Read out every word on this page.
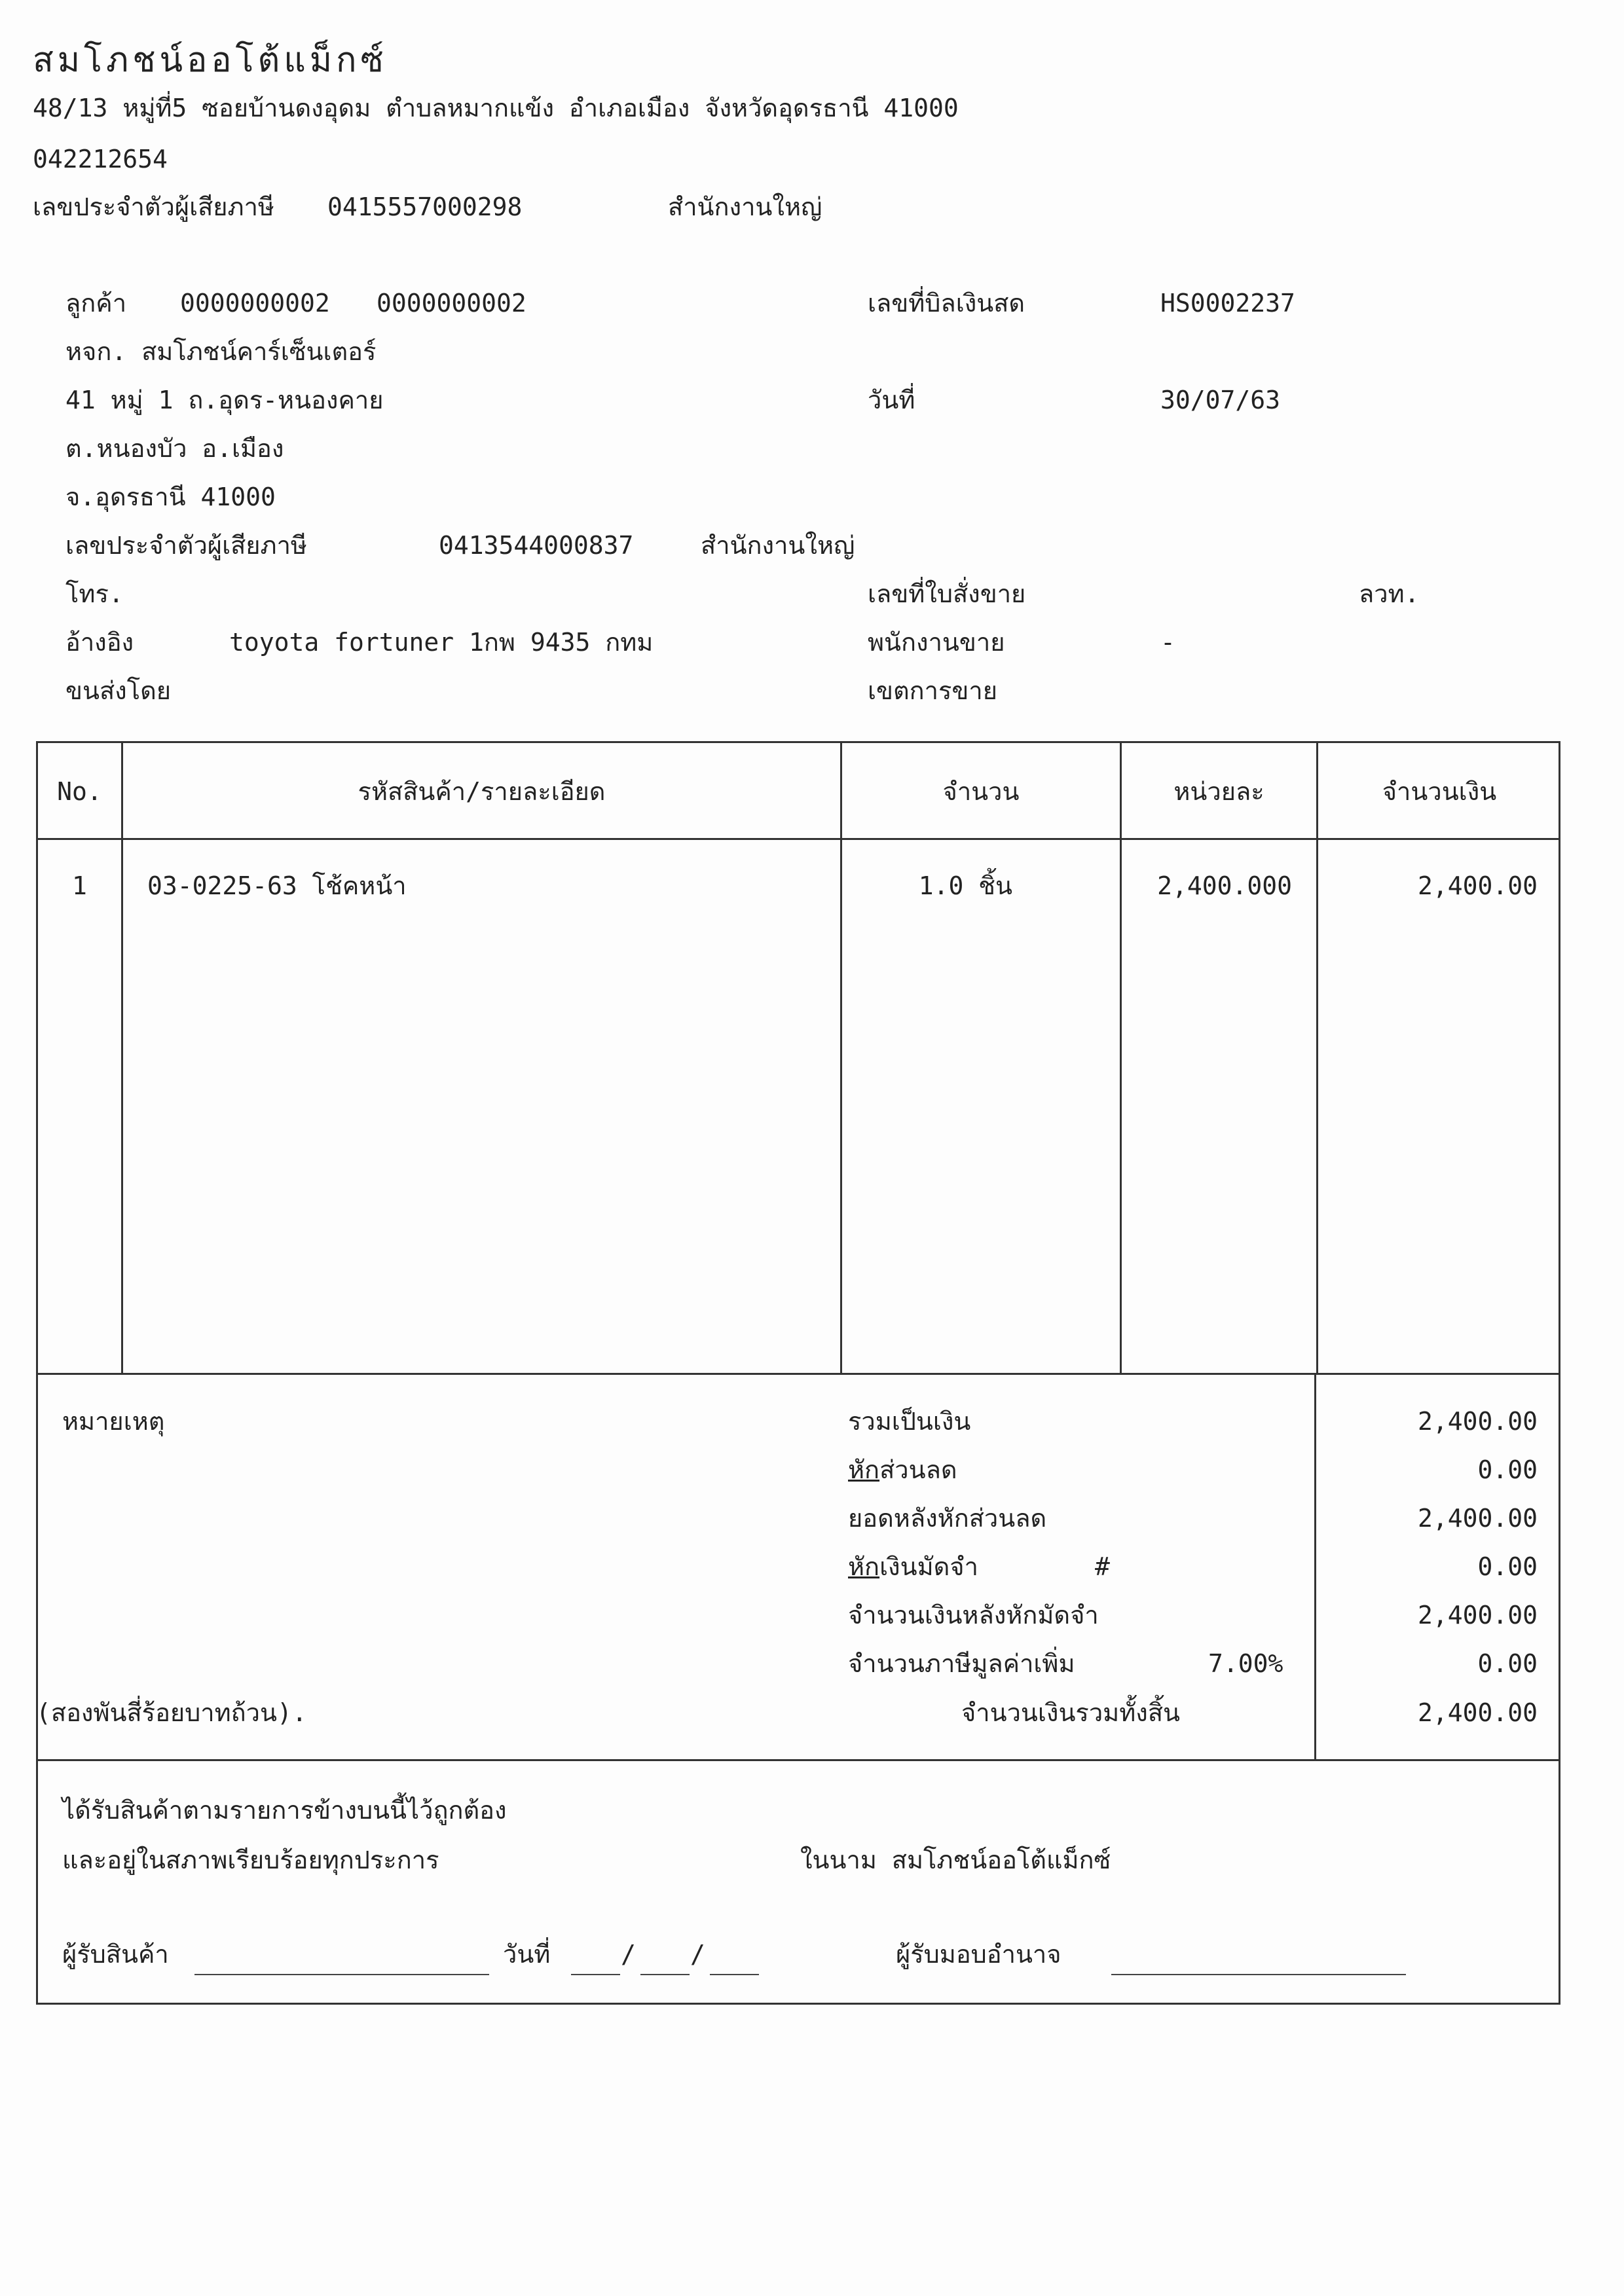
สมโภชน์ออโต้แม็กซ์
48/13 หมู่ที่5 ซอยบ้านดงอุดม ตำบลหมากแข้ง อำเภอเมือง จังหวัดอุดรธานี 41000
042212654
เลขประจำตัวผู้เสียภาษี 0415557000298	สำนักงานใหญ่
ลูกค้า 0000000002 0000000002
หจก. สมโภชน์คาร์เซ็นเตอร์
41 หมู่ 1 ถ.อุดร-หนองคาย
ต.หนองบัว อ.เมือง
จ.อุดรธานี 41000
เลขประจำตัวผู้เสียภาษี	0413544000837	สำนักงานใหญ่
โทร.
อ้างอิง	toyota fortuner 1กพ 9435 กทม
ขนส่งโดย
เลขที่บิลเงินสด	HS0002237
วันที่	30/07/63
เลขที่ใบสั่งขาย	ลวท.
พนักงานขาย	-
เขตการขาย
No.	รหัสสินค้า/รายละเอียด	จำนวน	หน่วยละ	จำนวนเงิน
1	03-0225-63 โช้คหน้า	1.0 ชิ้น	2,400.000	2,400.00
หมายเหตุ
(สองพันสี่ร้อยบาทถ้วน).
รวมเป็นเงิน	2,400.00
หักส่วนลด	0.00
ยอดหลังหักส่วนลด	2,400.00
หักเงินมัดจำ	#	0.00
จำนวนเงินหลังหักมัดจำ	2,400.00
จำนวนภาษีมูลค่าเพิ่ม	7.00%	0.00
จำนวนเงินรวมทั้งสิ้น	2,400.00
ได้รับสินค้าตามรายการข้างบนนี้ไว้ถูกต้อง
และอยู่ในสภาพเรียบร้อยทุกประการ	ในนาม สมโภชน์ออโต้แม็กซ์
ผู้รับสินค้า	วันที่	/ /	ผู้รับมอบอำนาจ
